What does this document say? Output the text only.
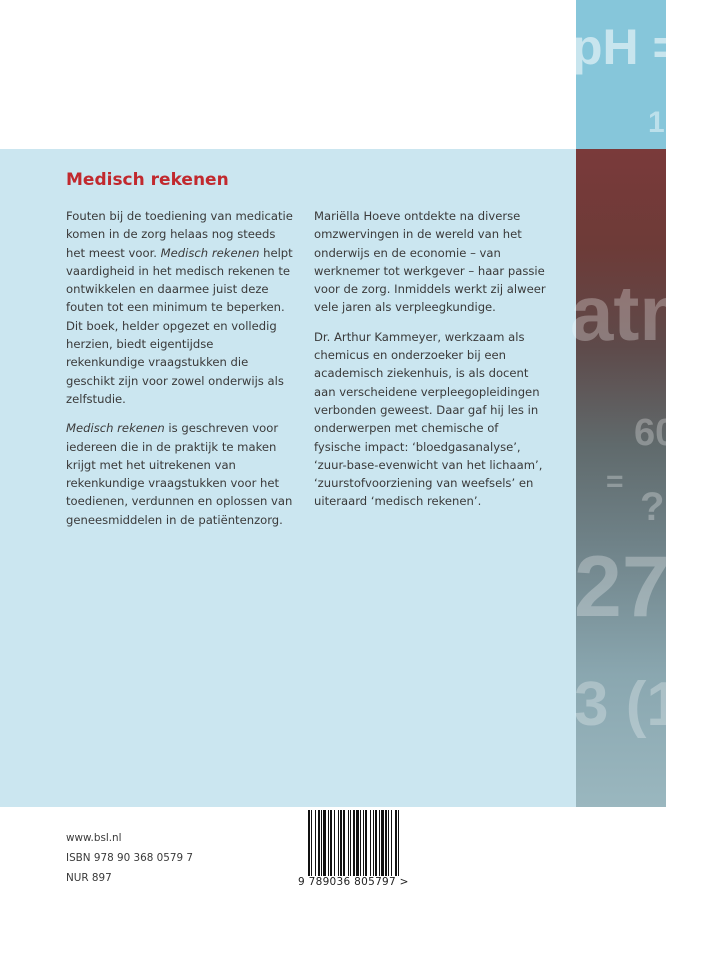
pH =
1
atm
60
=
?
27
3 (1
Medisch rekenen

Fouten bij de toediening van medicatie komen in de zorg helaas nog steeds het meest voor. Medisch rekenen helpt vaardigheid in het medisch rekenen te ontwikkelen en daarmee juist deze fouten tot een minimum te beperken. Dit boek, helder opgezet en volledig herzien, biedt eigentijdse rekenkundige vraagstukken die geschikt zijn voor zowel onderwijs als zelfstudie.

Medisch rekenen is geschreven voor iedereen die in de praktijk te maken krijgt met het uitrekenen van rekenkundige vraagstukken voor het toedienen, verdunnen en oplossen van geneesmiddelen in de patiëntenzorg.

Mariëlla Hoeve ontdekte na diverse omzwervingen in de wereld van het onderwijs en de economie – van werknemer tot werkgever – haar passie voor de zorg. Inmiddels werkt zij alweer vele jaren als verpleegkundige.

Dr. Arthur Kammeyer, werkzaam als chemicus en onderzoeker bij een academisch ziekenhuis, is als docent aan verscheidene verpleegopleidingen verbonden geweest. Daar gaf hij les in onderwerpen met chemische of fysische impact: ‘bloedgasanalyse’, ‘zuur-base-evenwicht van het lichaam’, ‘zuurstofvoorziening van weefsels’ en uiteraard ‘medisch rekenen’.

www.bsl.nl
ISBN 978 90 368 0579 7
NUR 897	9 789036 805797 >
